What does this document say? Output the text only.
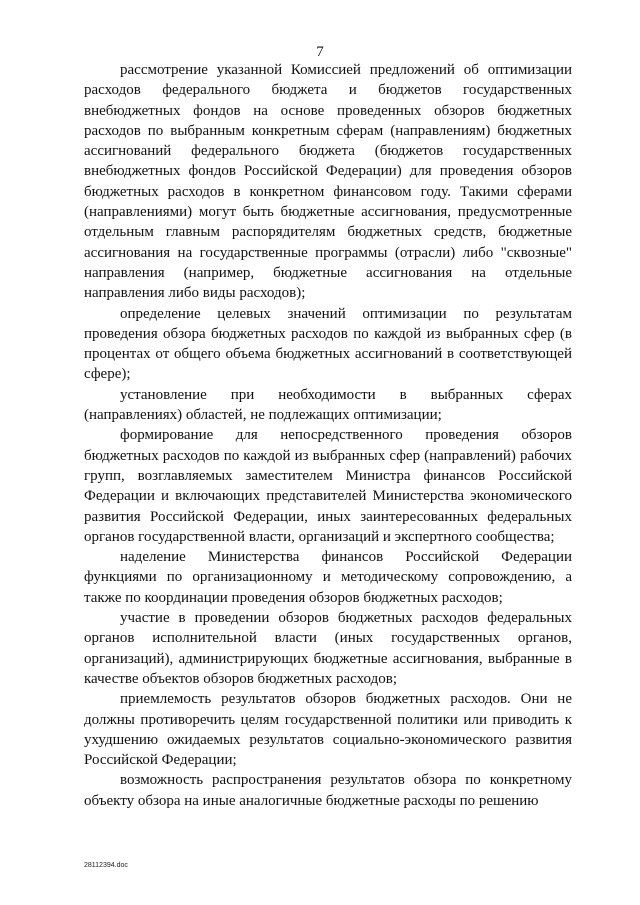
7

рассмотрение указанной Комиссией предложений об оптимизации расходов федерального бюджета и бюджетов государственных внебюджетных фондов на основе проведенных обзоров бюджетных расходов по выбранным конкретным сферам (направлениям) бюджетных ассигнований федерального бюджета (бюджетов государственных внебюджетных фондов Российской Федерации) для проведения обзоров бюджетных расходов в конкретном финансовом году. Такими сферами (направлениями) могут быть бюджетные ассигнования, предусмотренные отдельным главным распорядителям бюджетных средств, бюджетные ассигнования на государственные программы (отрасли) либо "сквозные" направления (например, бюджетные ассигнования на отдельные направления либо виды расходов);

определение целевых значений оптимизации по результатам проведения обзора бюджетных расходов по каждой из выбранных сфер (в процентах от общего объема бюджетных ассигнований в соответствующей сфере);

установление при необходимости в выбранных сферах (направлениях) областей, не подлежащих оптимизации;

формирование для непосредственного проведения обзоров бюджетных расходов по каждой из выбранных сфер (направлений) рабочих групп, возглавляемых заместителем Министра финансов Российской Федерации и включающих представителей Министерства экономического развития Российской Федерации, иных заинтересованных федеральных органов государственной власти, организаций и экспертного сообщества;

наделение Министерства финансов Российской Федерации функциями по организационному и методическому сопровождению, а также по координации проведения обзоров бюджетных расходов;

участие в проведении обзоров бюджетных расходов федеральных органов исполнительной власти (иных государственных органов, организаций), администрирующих бюджетные ассигнования, выбранные в качестве объектов обзоров бюджетных расходов;

приемлемость результатов обзоров бюджетных расходов. Они не должны противоречить целям государственной политики или приводить к ухудшению ожидаемых результатов социально-экономического развития Российской Федерации;

возможность распространения результатов обзора по конкретному объекту обзора на иные аналогичные бюджетные расходы по решению

28112394.doc
